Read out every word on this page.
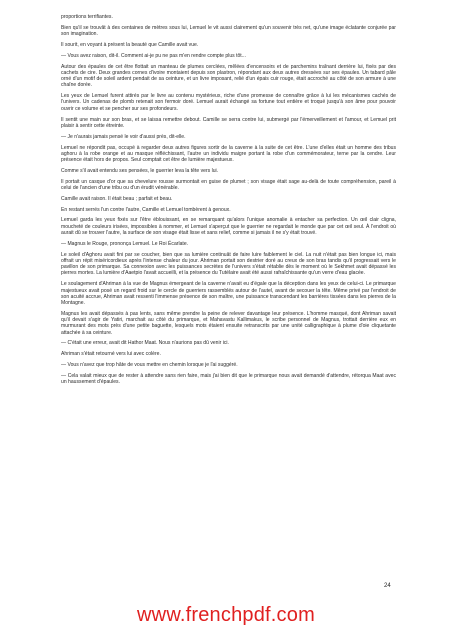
proportions terrifiantes.

Bien qu'il se trouvât à des centaines de mètres sous lui, Lemuel le vit aussi clairement qu'un souvenir très net, qu'une image éclatante conjurée par son imagination.

Il sourit, en voyant à présent la beauté que Camille avait vue.

— Vous avez raison, dit-il. Comment ai-je pu ne pas m'en rendre compte plus tôt...

Autour des épaules de cet être flottait un manteau de plumes cerclées, mêlées d'encensoirs et de parchemins traînant derrière lui, fixés par des cachets de cire. Deux grandes cornes d'ivoire montaient depuis son plastron, répondant aux deux autres dressées sur ses épaules. Un tabard pâle orné d'un motif de soleil ardent pendait de sa ceinture, et un livre imposant, relié d'un épais cuir rouge, était accroché au côté de son armure à une chaîne dorée.

Les yeux de Lemuel furent attirés par le livre au contenu mystérieux, riche d'une promesse de connaître grâce à lui les mécanismes cachés de l'univers. Un cadenas de plomb retenait son fermoir doré. Lemuel aurait échangé sa fortune tout entière et troqué jusqu'à son âme pour pouvoir ouvrir ce volume et se pencher sur ses profondeurs.

Il sentit une main sur son bras, et se laissa remettre debout. Camille se serra contre lui, submergé par l'émerveillement et l'amour, et Lemuel prit plaisir à sentir cette étreinte.

— Je n'aurais jamais pensé le voir d'aussi près, dit-elle.

Lemuel ne répondit pas, occupé à regarder deux autres figures sortir de la caverne à la suite de cet être. L'une d'elles était un homme des tribus aghoru à la robe orange et au masque réfléchissant, l'autre un individu maigre portant la robe d'un commémorateur, terne par la cendre. Leur présence était hors de propos. Seul comptait cet être de lumière majestueux.

Comme s'il avait entendu ses pensées, le guerrier leva la tête vers lui.

Il portait un casque d'or que sa chevelure rousse surmontait en guise de plumet ; son visage était sage au-delà de toute compréhension, pareil à celui de l'ancien d'une tribu ou d'un érudit vénérable.

Camille avait raison. Il était beau ; parfait et beau.

En restant serrés l'un contre l'autre, Camille et Lemuel tombèrent à genoux.

Lemuel garda les yeux fixés sur l'être éblouissant, en se remarquant qu'alors l'unique anomalie à entacher sa perfection. Un œil clair cligna, moucheté de couleurs irisées, impossibles à nommer, et Lemuel s'aperçut que le guerrier ne regardait le monde que par cet œil seul. À l'endroit où aurait dû se trouver l'autre, la surface de son visage était lisse et sans relief, comme si jamais il ne s'y était trouvé.

— Magnus le Rouge, prononça Lemuel. Le Roi Écarlate.

Le soleil d'Aghoru avait fini par se coucher, bien que sa lumière continuât de faire luire faiblement le ciel. La nuit n'était pas bien longue ici, mais offrait un répit miséricordieux après l'intense chaleur du jour. Ahriman portait son destrier doré au creux de son bras tandis qu'il progressait vers le pavillon de son primarque. Sa connexion avec les puissances secrètes de l'univers s'était rétablie dès le moment où le Sekhmet avait dépassé les pierres mortes. La lumière d'Aaetpio l'avait accueilli, et la présence du Tutélaire avait été aussi rafraîchissante qu'un verre d'eau glacée.

Le soulagement d'Ahriman à la vue de Magnus émergeant de la caverne n'avait eu d'égale que la déception dans les yeux de celui-ci. Le primarque majestueux avait posé un regard froid sur le cercle de guerriers rassemblés autour de l'autel, avant de secouer la tête. Même privé par l'endroit de son acuité accrue, Ahriman avait ressenti l'immense présence de son maître, une puissance transcendant les barrières tissées dans les pierres de la Montagne.

Magnus les avait dépassés à pas lents, sans même prendre la peine de relever davantage leur présence. L'homme masqué, dont Ahriman savait qu'il devait s'agir de Yatiri, marchait au côté du primarque, et Mahavastu Kallimakus, le scribe personnel de Magnus, trottait derrière eux en murmurant des mots près d'une petite baguette, lesquels mots étaient ensuite retranscrits par une unité calligraphique à plume d'oie cliquetante attachée à sa ceinture.

— C'était une erreur, avait dit Hathor Maat. Nous n'aurions pas dû venir ici.

Ahriman s'était retourné vers lui avec colère.

— Vous n'avez que trop hâte de vous mettre en chemin lorsque je l'ai suggéré.

— Cela valait mieux que de rester à attendre sans rien faire, mais j'ai bien dit que le primarque nous avait demandé d'attendre, rétorqua Maat avec un haussement d'épaules.

24

www.frenchpdf.com
